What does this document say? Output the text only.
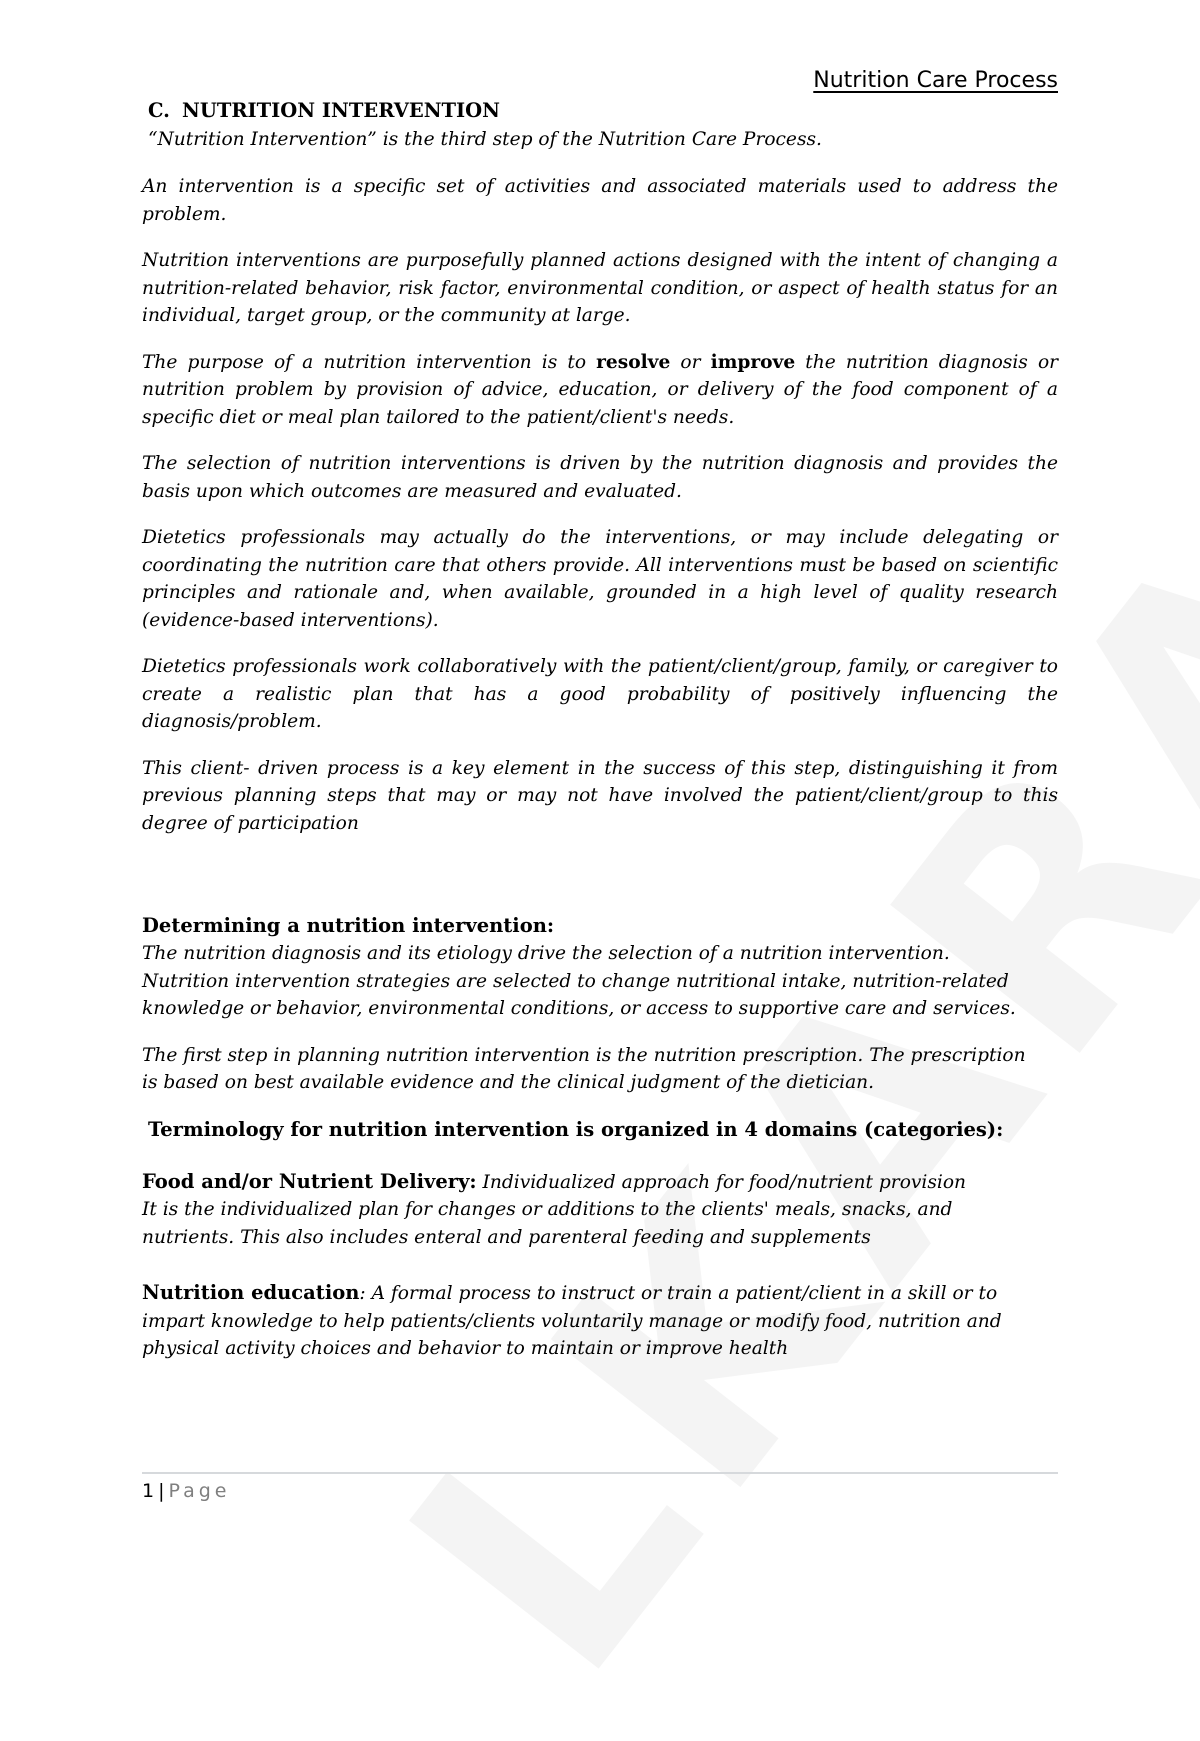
Nutrition Care Process
C. NUTRITION INTERVENTION
“Nutrition Intervention” is the third step of the Nutrition Care Process.

An intervention is a specific set of activities and associated materials used to address the problem.

Nutrition interventions are purposefully planned actions designed with the intent of changing a nutrition-related behavior, risk factor, environmental condition, or aspect of health status for an individual, target group, or the community at large.

The purpose of a nutrition intervention is to resolve or improve the nutrition diagnosis or nutrition problem by provision of advice, education, or delivery of the food component of a specific diet or meal plan tailored to the patient/client's needs.

The selection of nutrition interventions is driven by the nutrition diagnosis and provides the basis upon which outcomes are measured and evaluated.

Dietetics professionals may actually do the interventions, or may include delegating or coordinating the nutrition care that others provide. All interventions must be based on scientific principles and rationale and, when available, grounded in a high level of quality research (evidence-based interventions).

Dietetics professionals work collaboratively with the patient/client/group, family, or caregiver to create a realistic plan that has a good probability of positively influencing the diagnosis/problem.

This client- driven process is a key element in the success of this step, distinguishing it from previous planning steps that may or may not have involved the patient/client/group to this degree of participation

Determining a nutrition intervention:
The nutrition diagnosis and its etiology drive the selection of a nutrition intervention.
Nutrition intervention strategies are selected to change nutritional intake, nutrition-related
knowledge or behavior, environmental conditions, or access to supportive care and services.
The first step in planning nutrition intervention is the nutrition prescription. The prescription
is based on best available evidence and the clinical judgment of the dietician.
Terminology for nutrition intervention is organized in 4 domains (categories):
Food and/or Nutrient Delivery: Individualized approach for food/nutrient provision
It is the individualized plan for changes or additions to the clients' meals, snacks, and
nutrients. This also includes enteral and parenteral feeding and supplements
Nutrition education: A formal process to instruct or train a patient/client in a skill or to
impart knowledge to help patients/clients voluntarily manage or modify food, nutrition and
physical activity choices and behavior to maintain or improve health
1 | Page
